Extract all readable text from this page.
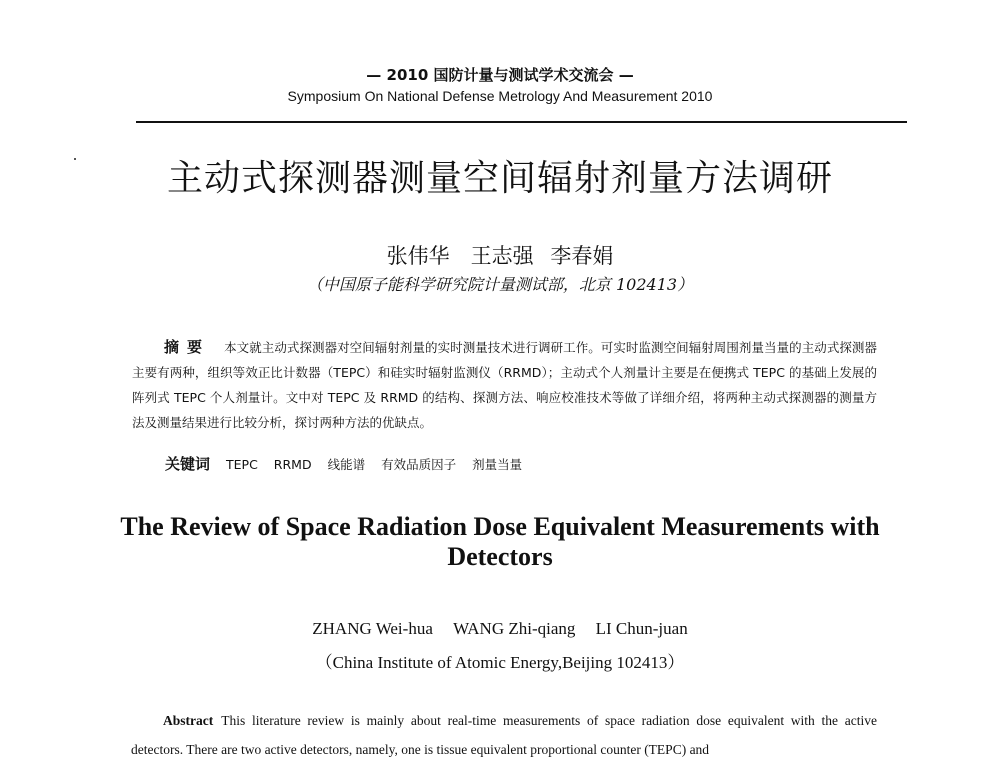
— 2010 国防计量与测试学术交流会 —
Symposium On National Defense Metrology And Measurement 2010
主动式探测器测量空间辐射剂量方法调研
张伟华　王志强 李春娟
（中国原子能科学研究院计量测试部，北京 102413）
摘要 本文就主动式探测器对空间辐射剂量的实时测量技术进行调研工作。可实时监测空间辐射周围剂量当量的主动式探测器主要有两种，组织等效正比计数器（TEPC）和硅实时辐射监测仪（RRMD）；主动式个人剂量计主要是在便携式 TEPC 的基础上发展的阵列式 TEPC 个人剂量计。文中对 TEPC 及 RRMD 的结构、探测方法、响应校准技术等做了详细介绍，将两种主动式探测器的测量方法及测量结果进行比较分析，探讨两种方法的优缺点。
关键词 TEPC RRMD 线能谱 有效品质因子 剂量当量
The Review of Space Radiation Dose Equivalent Measurements with Detectors
ZHANG Wei-hua WANG Zhi-qiang LI Chun-juan
（China Institute of Atomic Energy,Beijing 102413）
Abstract This literature review is mainly about real-time measurements of space radiation dose equivalent with the active detectors. There are two active detectors, namely, one is tissue equivalent proportional counter (TEPC) and
